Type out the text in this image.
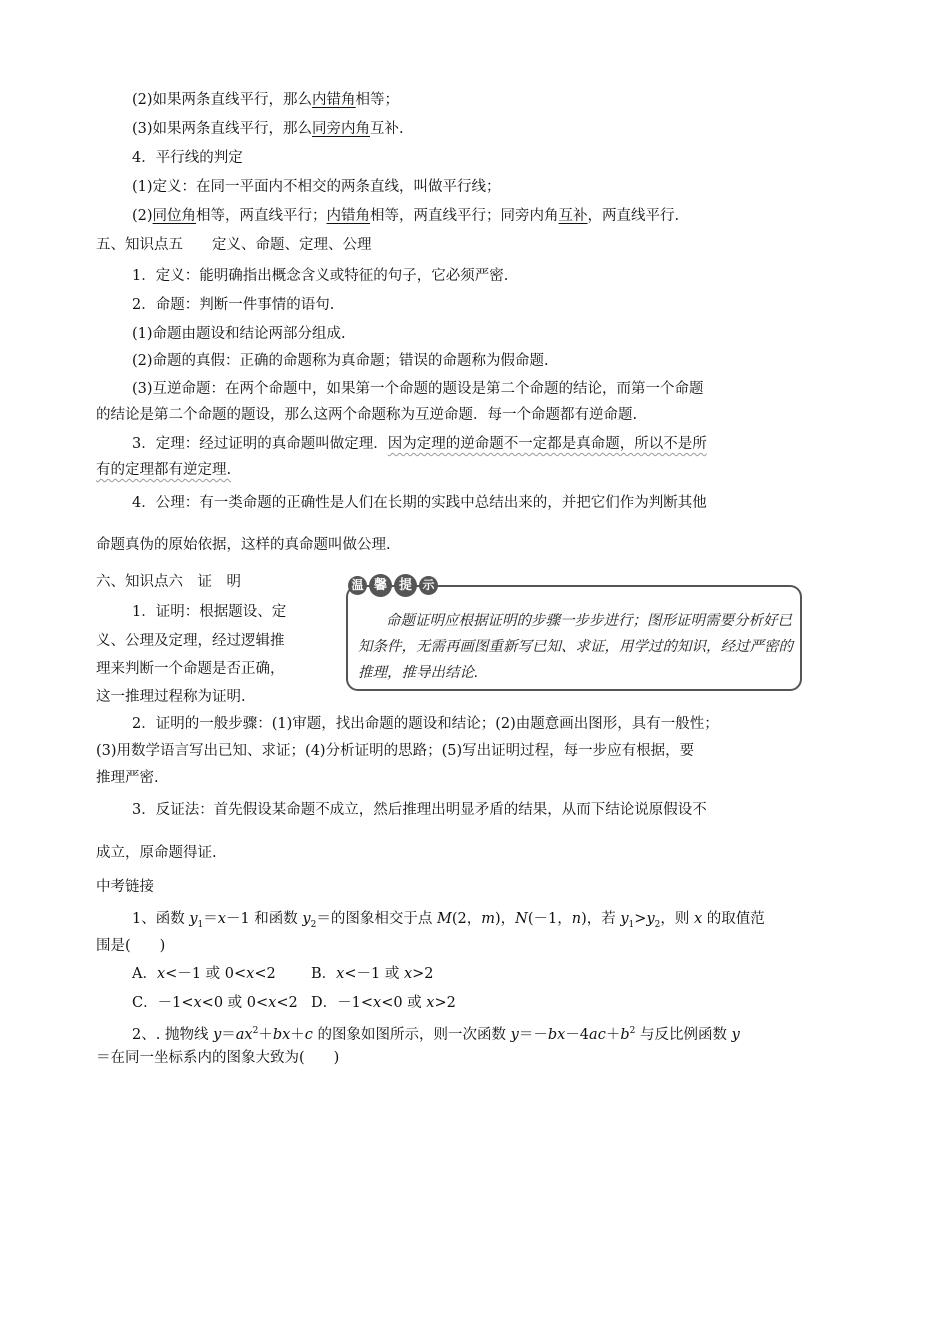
(2)如果两条直线平行，那么内错角相等；
(3)如果两条直线平行，那么同旁内角互补.
4．平行线的判定
(1)定义：在同一平面内不相交的两条直线，叫做平行线；
(2)同位角相等，两直线平行；内错角相等，两直线平行；同旁内角互补，两直线平行.
五、知识点五　　定义、命题、定理、公理
1．定义：能明确指出概念含义或特征的句子，它必须严密.
2．命题：判断一件事情的语句.
(1)命题由题设和结论两部分组成.
(2)命题的真假：正确的命题称为真命题；错误的命题称为假命题.
(3)互逆命题：在两个命题中，如果第一个命题的题设是第二个命题的结论，而第一个命题
的结论是第二个命题的题设，那么这两个命题称为互逆命题．每一个命题都有逆命题.
3．定理：经过证明的真命题叫做定理．因为定理的逆命题不一定都是真命题，所以不是所
有的定理都有逆定理.
4．公理：有一类命题的正确性是人们在长期的实践中总结出来的，并把它们作为判断其他
命题真伪的原始依据，这样的真命题叫做公理.
六、知识点六　证　明
1．证明：根据题设、定
义、公理及定理，经过逻辑推
理来判断一个命题是否正确，
这一推理过程称为证明.
温 馨 提 示
命题证明应根据证明的步骤一步步进行；图形证明需要分析好已知条件，无需再画图重新写已知、求证，用学过的知识，经过严密的推理，推导出结论.
2．证明的一般步骤：(1)审题，找出命题的题设和结论；(2)由题意画出图形，具有一般性；
(3)用数学语言写出已知、求证；(4)分析证明的思路；(5)写出证明过程，每一步应有根据，要
推理严密.
3．反证法：首先假设某命题不成立，然后推理出明显矛盾的结果，从而下结论说原假设不
成立，原命题得证.
中考链接
1、函数 $y_1=x-1$ 和函数 $y_2=$的图象相交于点 M(2，m)，N(－1，n)，若 $y_1>y_2$，则 x 的取值范
围是(　　)
A．x<－1 或 0<x<2 B．x<－1 或 x>2
C．－1<x<0 或 0<x<2 D．－1<x<0 或 x>2
2、. 抛物线 $y=ax^2+bx+c$ 的图象如图所示，则一次函数 $y=-bx-4ac+b^2$ 与反比例函数 y
＝在同一坐标系内的图象大致为(　　)
